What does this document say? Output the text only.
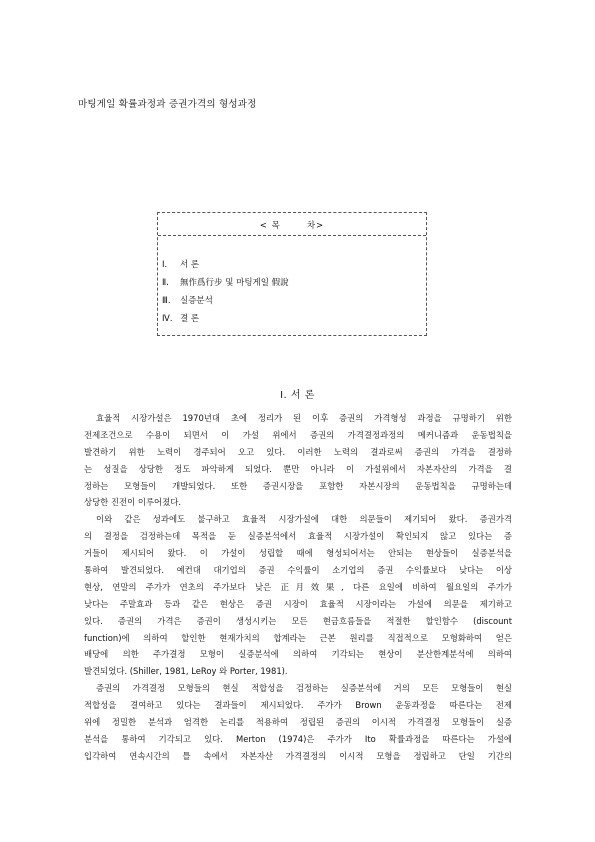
마팅게일 확률과정과 증권가격의 형성과정
< 목	차>
Ⅰ. 서 론
Ⅱ. 無作爲行步 및 마팅게일 假說
Ⅲ. 실증분석
Ⅳ. 결 론
Ⅰ. 서 론
효율적 시장가설은 1970년대 초에 정리가 된 이후 증권의 가격형성 과정을 규명하기 위한
전제조건으로 수용이 되면서 이 가설 위에서 증권의 가격결정과정의 메커니즘과 운동법칙을
발견하기 위한 노력이 경주되어 오고 있다. 이러한 노력의 결과로써 증권의 가격을 결정하
는 성질을 상당한 정도 파악하게 되었다. 뿐만 아니라 이 가설위에서 자본자산의 가격을 결
정하는 모형들이 개발되었다. 또한 증권시장을 포함한 자본시장의 운동법칙을 규명하는데
상당한 진전이 이루어졌다.
이와 같은 성과에도 불구하고 효율적 시장가설에 대한 의문들이 제기되어 왔다. 증권가격
의 결정을 검정하는데 목적을 둔 실증분석에서 효율적 시장가설이 확인되지 않고 있다는 증
거들이 제시되어 왔다. 이 가설이 성립할 때에 형성되어서는 안되는 현상들이 실증분석을
통하여 발견되었다. 예컨대 대기업의 증권 수익률이 소기업의 증권 수익률보다 낮다는 이상
현상, 연말의 주가가 연초의 주가보다 낮은 正月效果, 다른 요일에 비하여 월요일의 주가가
낮다는 주말효과 등과 같은 현상은 증권 시장이 효율적 시장이라는 가설에 의문을 제기하고
있다. 증권의 가격은 증권이 생성시키는 모든 현금흐름들을 적절한 할인함수 (discount
function)에 의하여 할인한 현재가치의 합계라는 근본 원리를 직접적으로 모형화하여 얻은
배당에 의한 주가결정 모형이 실증분석에 의하여 기각되는 현상이 분산한계분석에 의하여
발견되었다. (Shiller, 1981, LeRoy 와 Porter, 1981).
증권의 가격결정 모형들의 현실 적합성을 검정하는 실증분석에 거의 모든 모형들이 현실
적합성을 결여하고 있다는 결과들이 제시되었다. 주가가 Brown 운동과정을 따른다는 전제
위에 정밀한 분석과 엄격한 논리를 적용하여 정립된 증권의 이시적 가격결정 모형들이 실증
분석을 통하여 기각되고 있다. Merton (1974)은 주가가 Ito 확률과정을 따른다는 가설에
입각하여 연속시간의 틀 속에서 자본자산 가격결정의 이시적 모형을 정립하고 단일 기간의
